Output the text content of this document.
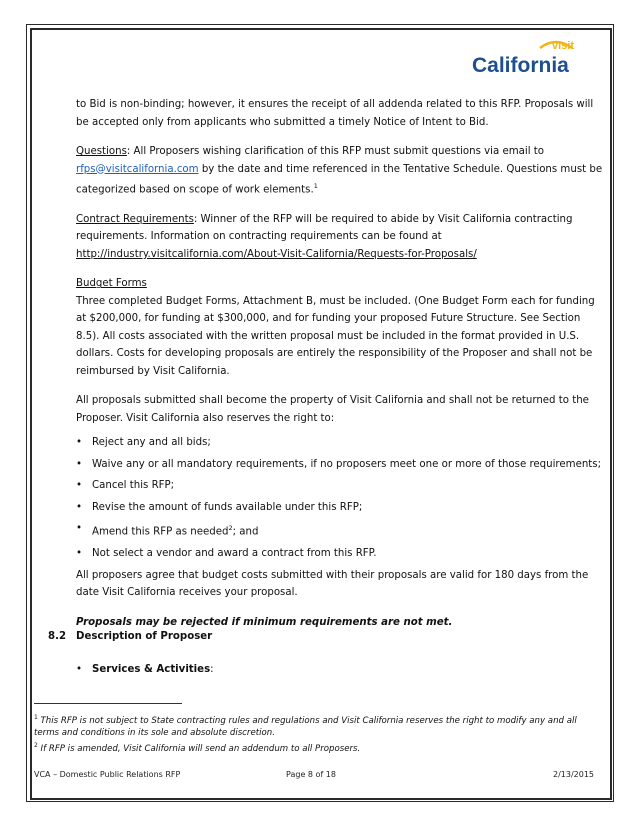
visit
California

to Bid is non-binding; however, it ensures the receipt of all addenda related to this RFP. Proposals will be accepted only from applicants who submitted a timely Notice of Intent to Bid.

Questions: All Proposers wishing clarification of this RFP must submit questions via email to
rfps@visitcalifornia.com by the date and time referenced in the Tentative Schedule. Questions must be categorized based on scope of work elements.$^1$

Contract Requirements: Winner of the RFP will be required to abide by Visit California contracting requirements. Information on contracting requirements can be found at
http://industry.visitcalifornia.com/About-Visit-California/Requests-for-Proposals/

Budget Forms
Three completed Budget Forms, Attachment B, must be included. (One Budget Form each for funding at $200,000, for funding at $300,000, and for funding your proposed Future Structure. See Section 8.5). All costs associated with the written proposal must be included in the format provided in U.S. dollars. Costs for developing proposals are entirely the responsibility of the Proposer and shall not be reimbursed by Visit California.

All proposals submitted shall become the property of Visit California and shall not be returned to the Proposer. Visit California also reserves the right to:

• Reject any and all bids;
• Waive any or all mandatory requirements, if no proposers meet one or more of those requirements;
• Cancel this RFP;
• Revise the amount of funds available under this RFP;
• Amend this RFP as needed$^2$; and
• Not select a vendor and award a contract from this RFP.

All proposers agree that budget costs submitted with their proposals are valid for 180 days from the date Visit California receives your proposal.

Proposals may be rejected if minimum requirements are not met.

8.2 Description of Proposer
• Services & Activities:
$^1$ This RFP is not subject to State contracting rules and regulations and Visit California reserves the right to modify any and all terms and conditions in its sole and absolute discretion.
$^2$ If RFP is amended, Visit California will send an addendum to all Proposers.
VCA – Domestic Public Relations RFP	Page 8 of 18	2/13/2015
